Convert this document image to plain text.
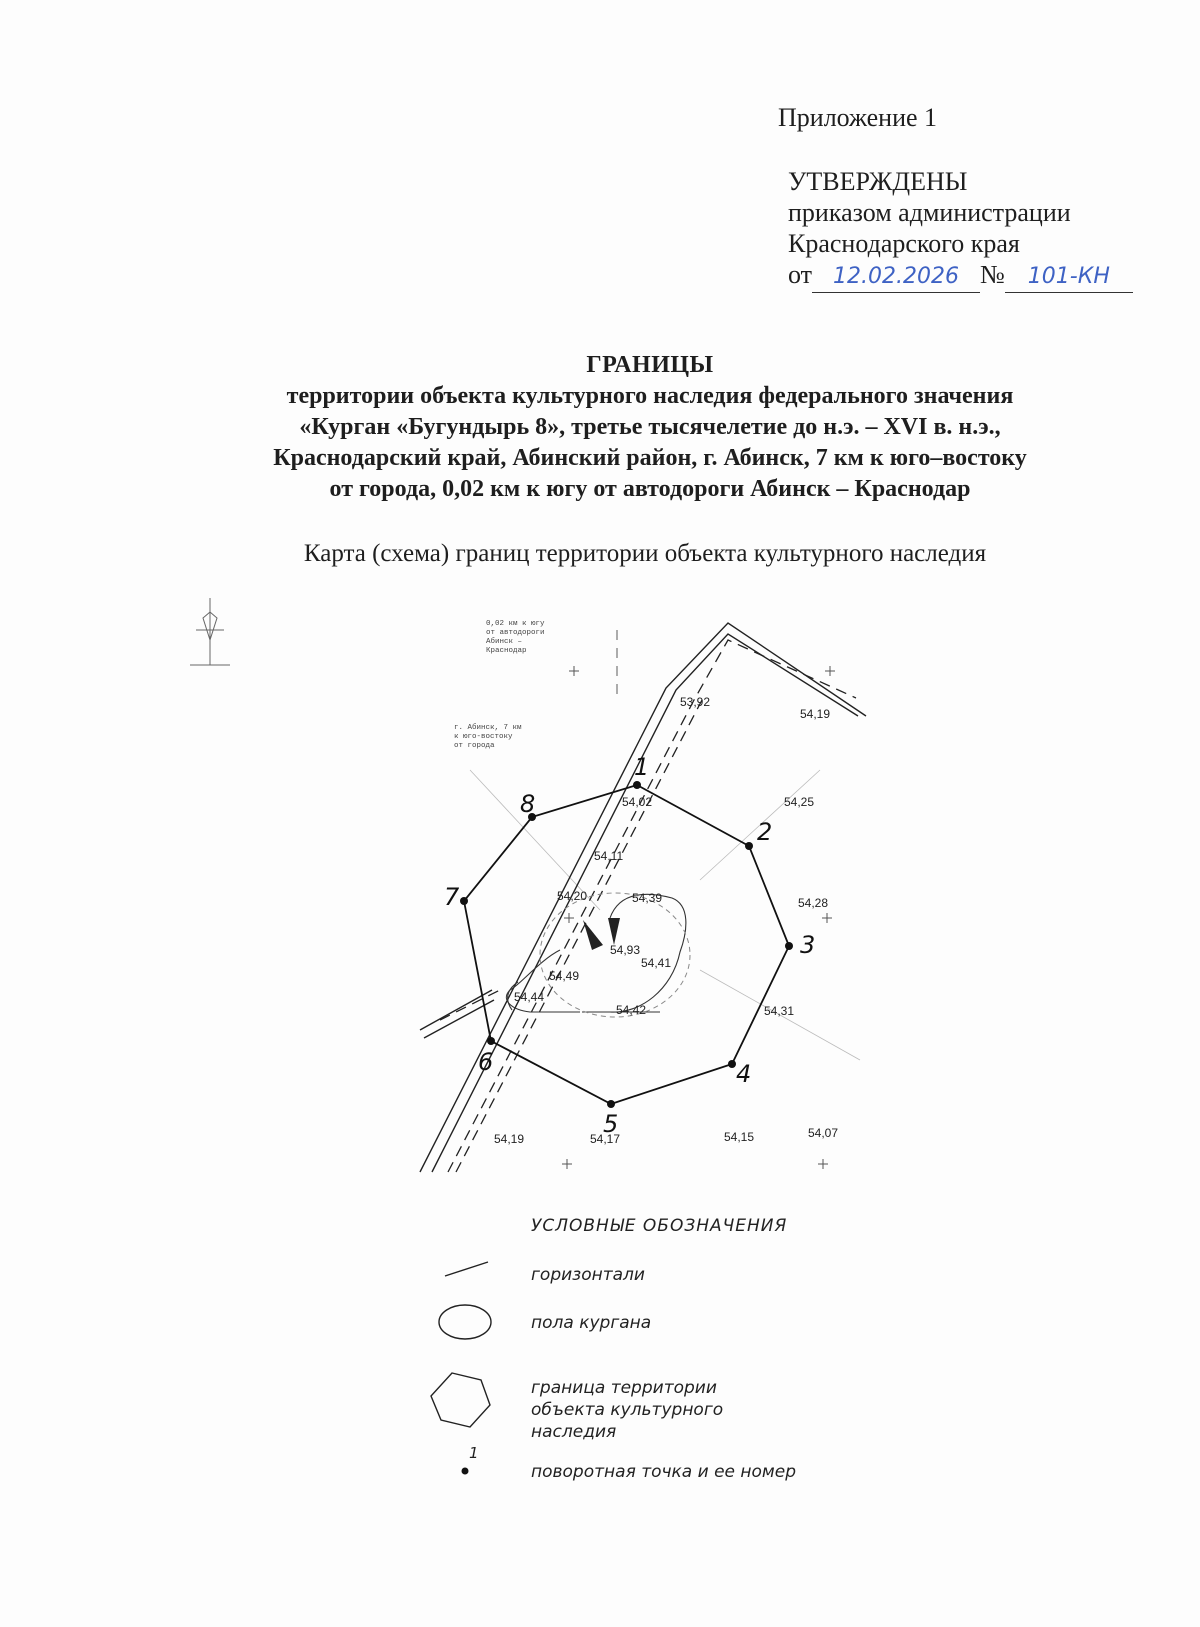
Приложение 1
УТВЕРЖДЕНЫ
приказом администрации
Краснодарского края
от 12.02.2026 № 101-КН
ГРАНИЦЫ
территории объекта культурного наследия федерального значения
«Курган «Бугундырь 8», третье тысячелетие до н.э. – XVI в. н.э.,
Краснодарский край, Абинский район, г. Абинск, 7 км к юго–востоку
от города, 0,02 км к югу от автодороги Абинск – Краснодар
Карта (схема) границ территории объекта культурного наследия
1
2
3
4
5
6
7
8
53,92
54,19
54,02	54,25
54,11
54,20	54,39	54,28
54,93
54,41
54,49
54,44
54,42	54,31
54,19	54,17	54,15	54,07
0,02 км к югу
от автодороги
Абинск –
Краснодар
г. Абинск, 7 км
к юго-востоку
от города
1
УСЛОВНЫЕ ОБОЗНАЧЕНИЯ
горизонтали
пола кургана
граница территории
объекта культурного
наследия
поворотная точка и ее номер
